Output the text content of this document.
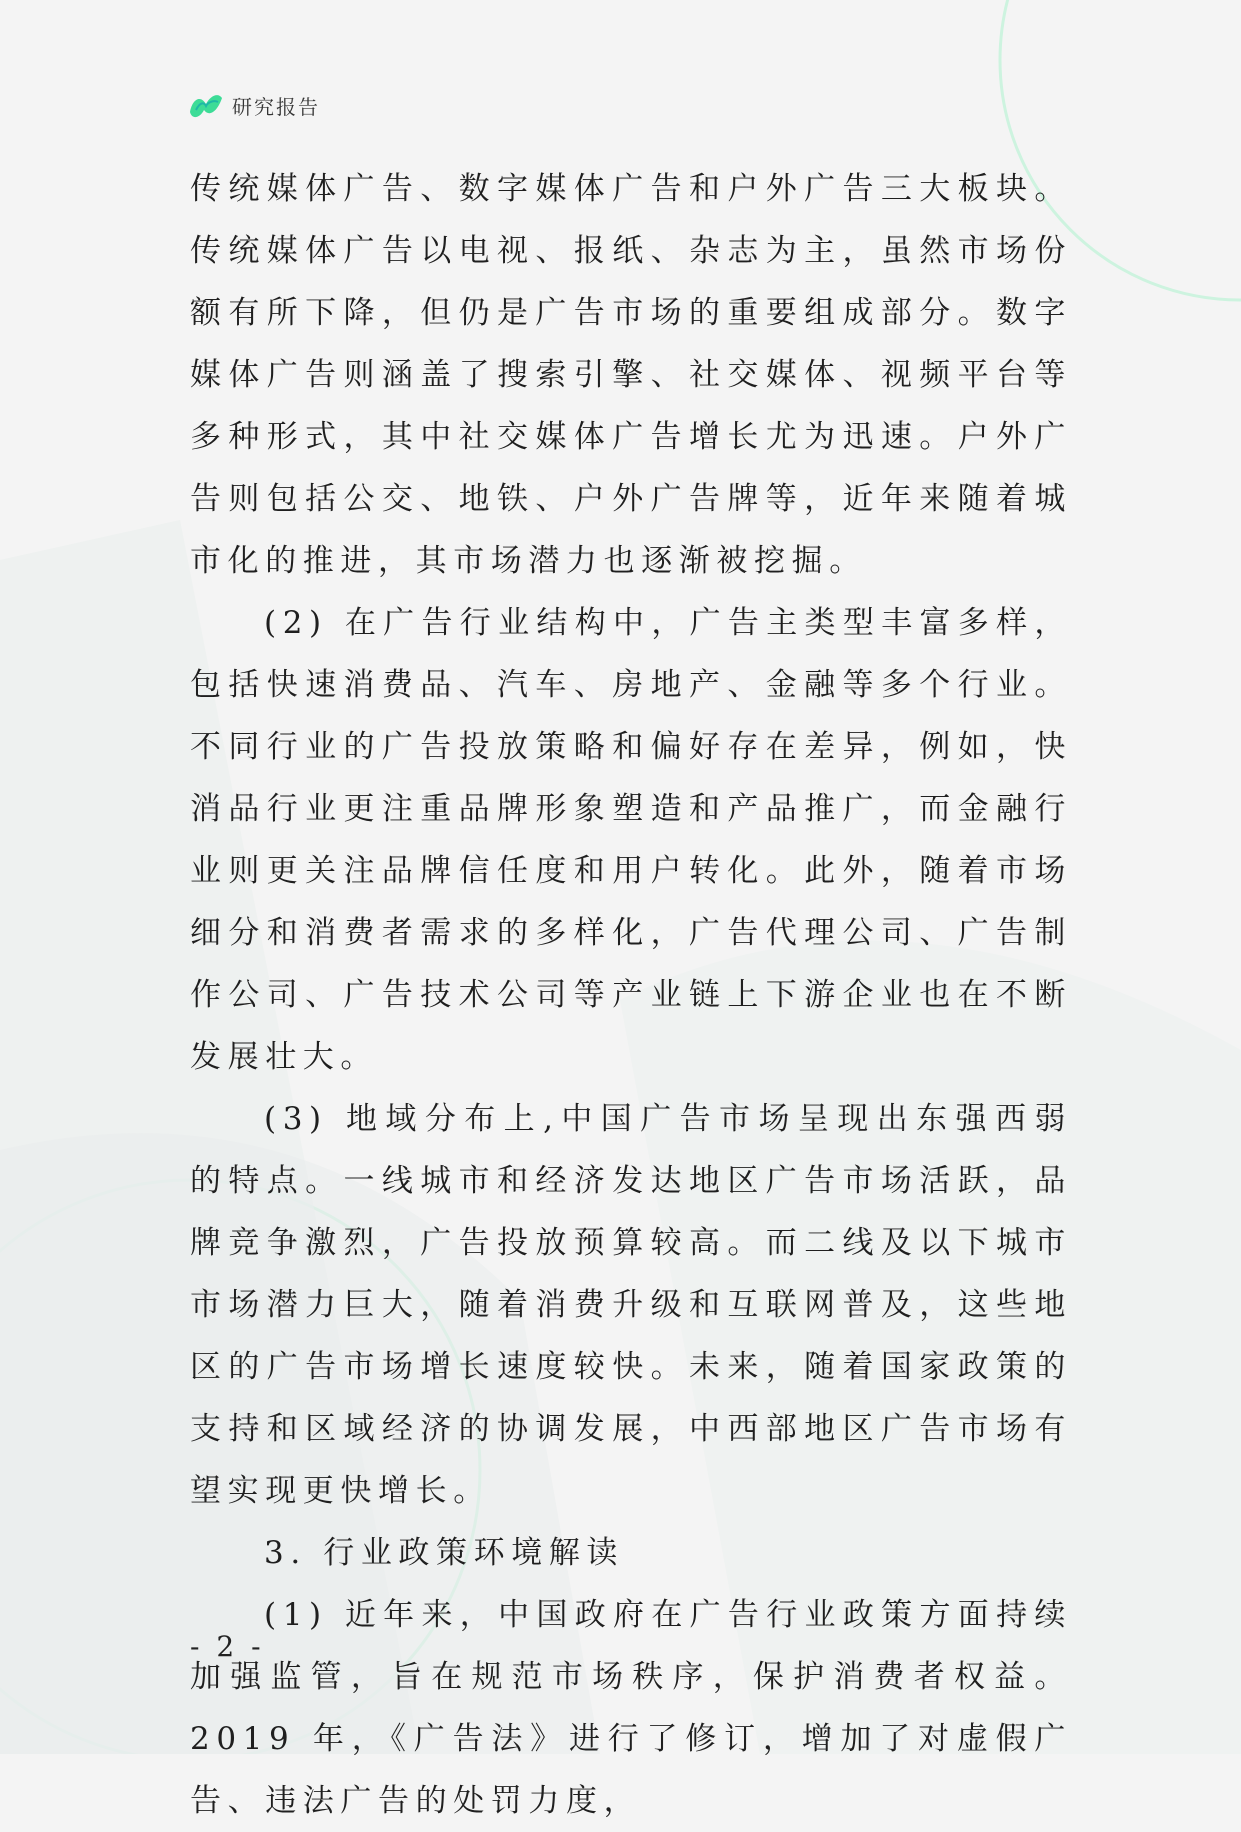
研究报告

传统媒体广告、数字媒体广告和户外广告三大板块。传统媒体广告以电视、报纸、杂志为主，虽然市场份额有所下降，但仍是广告市场的重要组成部分。数字媒体广告则涵盖了搜索引擎、社交媒体、视频平台等多种形式，其中社交媒体广告增长尤为迅速。户外广告则包括公交、地铁、户外广告牌等，近年来随着城市化的推进，其市场潜力也逐渐被挖掘。

(2) 在广告行业结构中，广告主类型丰富多样，包括快速消费品、汽车、房地产、金融等多个行业。不同行业的广告投放策略和偏好存在差异，例如，快消品行业更注重品牌形象塑造和产品推广，而金融行业则更关注品牌信任度和用户转化。此外，随着市场细分和消费者需求的多样化，广告代理公司、广告制作公司、广告技术公司等产业链上下游企业也在不断发展壮大。

(3) 地域分布上,中国广告市场呈现出东强西弱的特点。一线城市和经济发达地区广告市场活跃，品牌竞争激烈，广告投放预算较高。而二线及以下城市市场潜力巨大，随着消费升级和互联网普及，这些地区的广告市场增长速度较快。未来，随着国家政策的支持和区域经济的协调发展，中西部地区广告市场有望实现更快增长。

3. 行业政策环境解读

(1) 近年来，中国政府在广告行业政策方面持续加强监管，旨在规范市场秩序，保护消费者权益。2019 年，《广告法》进行了修订，增加了对虚假广告、违法广告的处罚力度，

- 2 -
